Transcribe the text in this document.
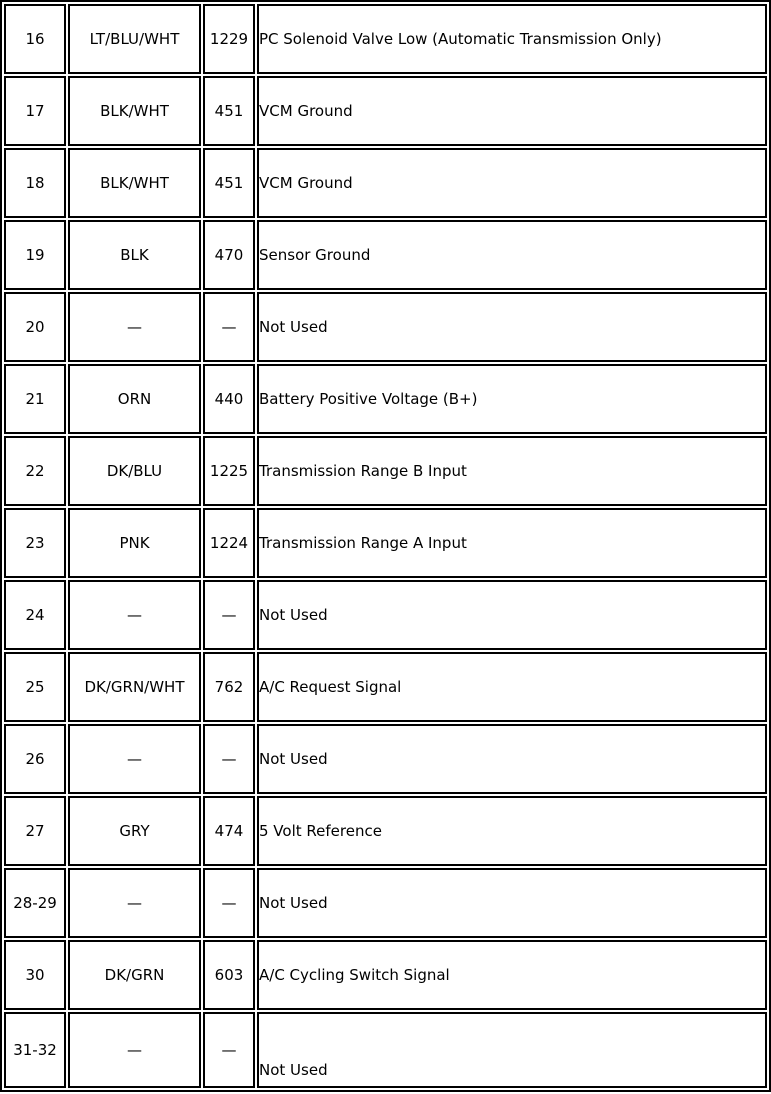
16	LT/BLU/WHT	1229	PC Solenoid Valve Low (Automatic Transmission Only)
17	BLK/WHT	451	VCM Ground
18	BLK/WHT	451	VCM Ground
19	BLK	470	Sensor Ground
20	—	—	Not Used
21	ORN	440	Battery Positive Voltage (B+)
22	DK/BLU	1225	Transmission Range B Input
23	PNK	1224	Transmission Range A Input
24	—	—	Not Used
25	DK/GRN/WHT	762	A/C Request Signal
26	—	—	Not Used
27	GRY	474	5 Volt Reference
28-29	—	—	Not Used
30	DK/GRN	603	A/C Cycling Switch Signal
31-32	—	—	Not Used
